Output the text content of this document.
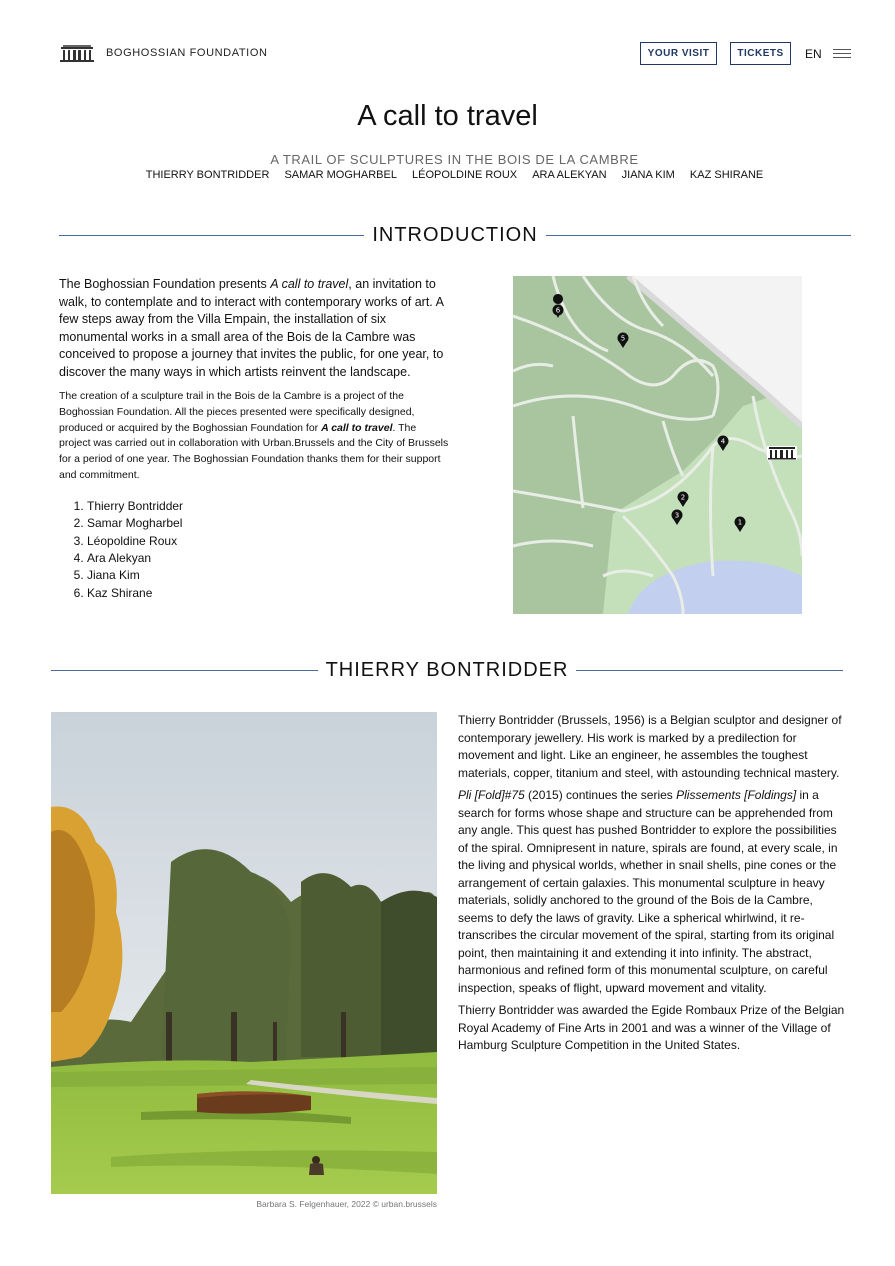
BOGHOSSIAN FOUNDATION	YOUR VISIT	TICKETS	EN
A call to travel
A TRAIL OF SCULPTURES IN THE BOIS DE LA CAMBRE
THIERRY BONTRIDDER SAMAR MOGHARBEL LÉOPOLDINE ROUX ARA ALEKYAN JIANA KIM KAZ SHIRANE
INTRODUCTION

The Boghossian Foundation presents A call to travel, an invitation to walk, to contemplate and to interact with contemporary works of art. A few steps away from the Villa Empain, the installation of six monumental works in a small area of the Bois de la Cambre was conceived to propose a journey that invites the public, for one year, to discover the many ways in which artists reinvent the landscape.

The creation of a sculpture trail in the Bois de la Cambre is a project of the Boghossian Foundation. All the pieces presented were specifically designed, produced or acquired by the Boghossian Foundation for A call to travel. The project was carried out in collaboration with Urban.Brussels and the City of Brussels for a period of one year. The Boghossian Foundation thanks them for their support and commitment.

1. Thierry Bontridder
2. Samar Mogharbel
3. Léopoldine Roux
4. Ara Alekyan
5. Jiana Kim
6. Kaz Shirane
6
5
4
2
3
1
THIERRY BONTRIDDER
Barbara S. Felgenhauer, 2022 © urban.brussels

Thierry Bontridder (Brussels, 1956) is a Belgian sculptor and designer of contemporary jewellery. His work is marked by a predilection for movement and light. Like an engineer, he assembles the toughest materials, copper, titanium and steel, with astounding technical mastery.

Pli [Fold]#75 (2015) continues the series Plissements [Foldings] in a search for forms whose shape and structure can be apprehended from any angle. This quest has pushed Bontridder to explore the possibilities of the spiral. Omnipresent in nature, spirals are found, at every scale, in the living and physical worlds, whether in snail shells, pine cones or the arrangement of certain galaxies. This monumental sculpture in heavy materials, solidly anchored to the ground of the Bois de la Cambre, seems to defy the laws of gravity. Like a spherical whirlwind, it re-transcribes the circular movement of the spiral, starting from its original point, then maintaining it and extending it into infinity. The abstract, harmonious and refined form of this monumental sculpture, on careful inspection, speaks of flight, upward movement and vitality.

Thierry Bontridder was awarded the Egide Rombaux Prize of the Belgian Royal Academy of Fine Arts in 2001 and was a winner of the Village of Hamburg Sculpture Competition in the United States.
